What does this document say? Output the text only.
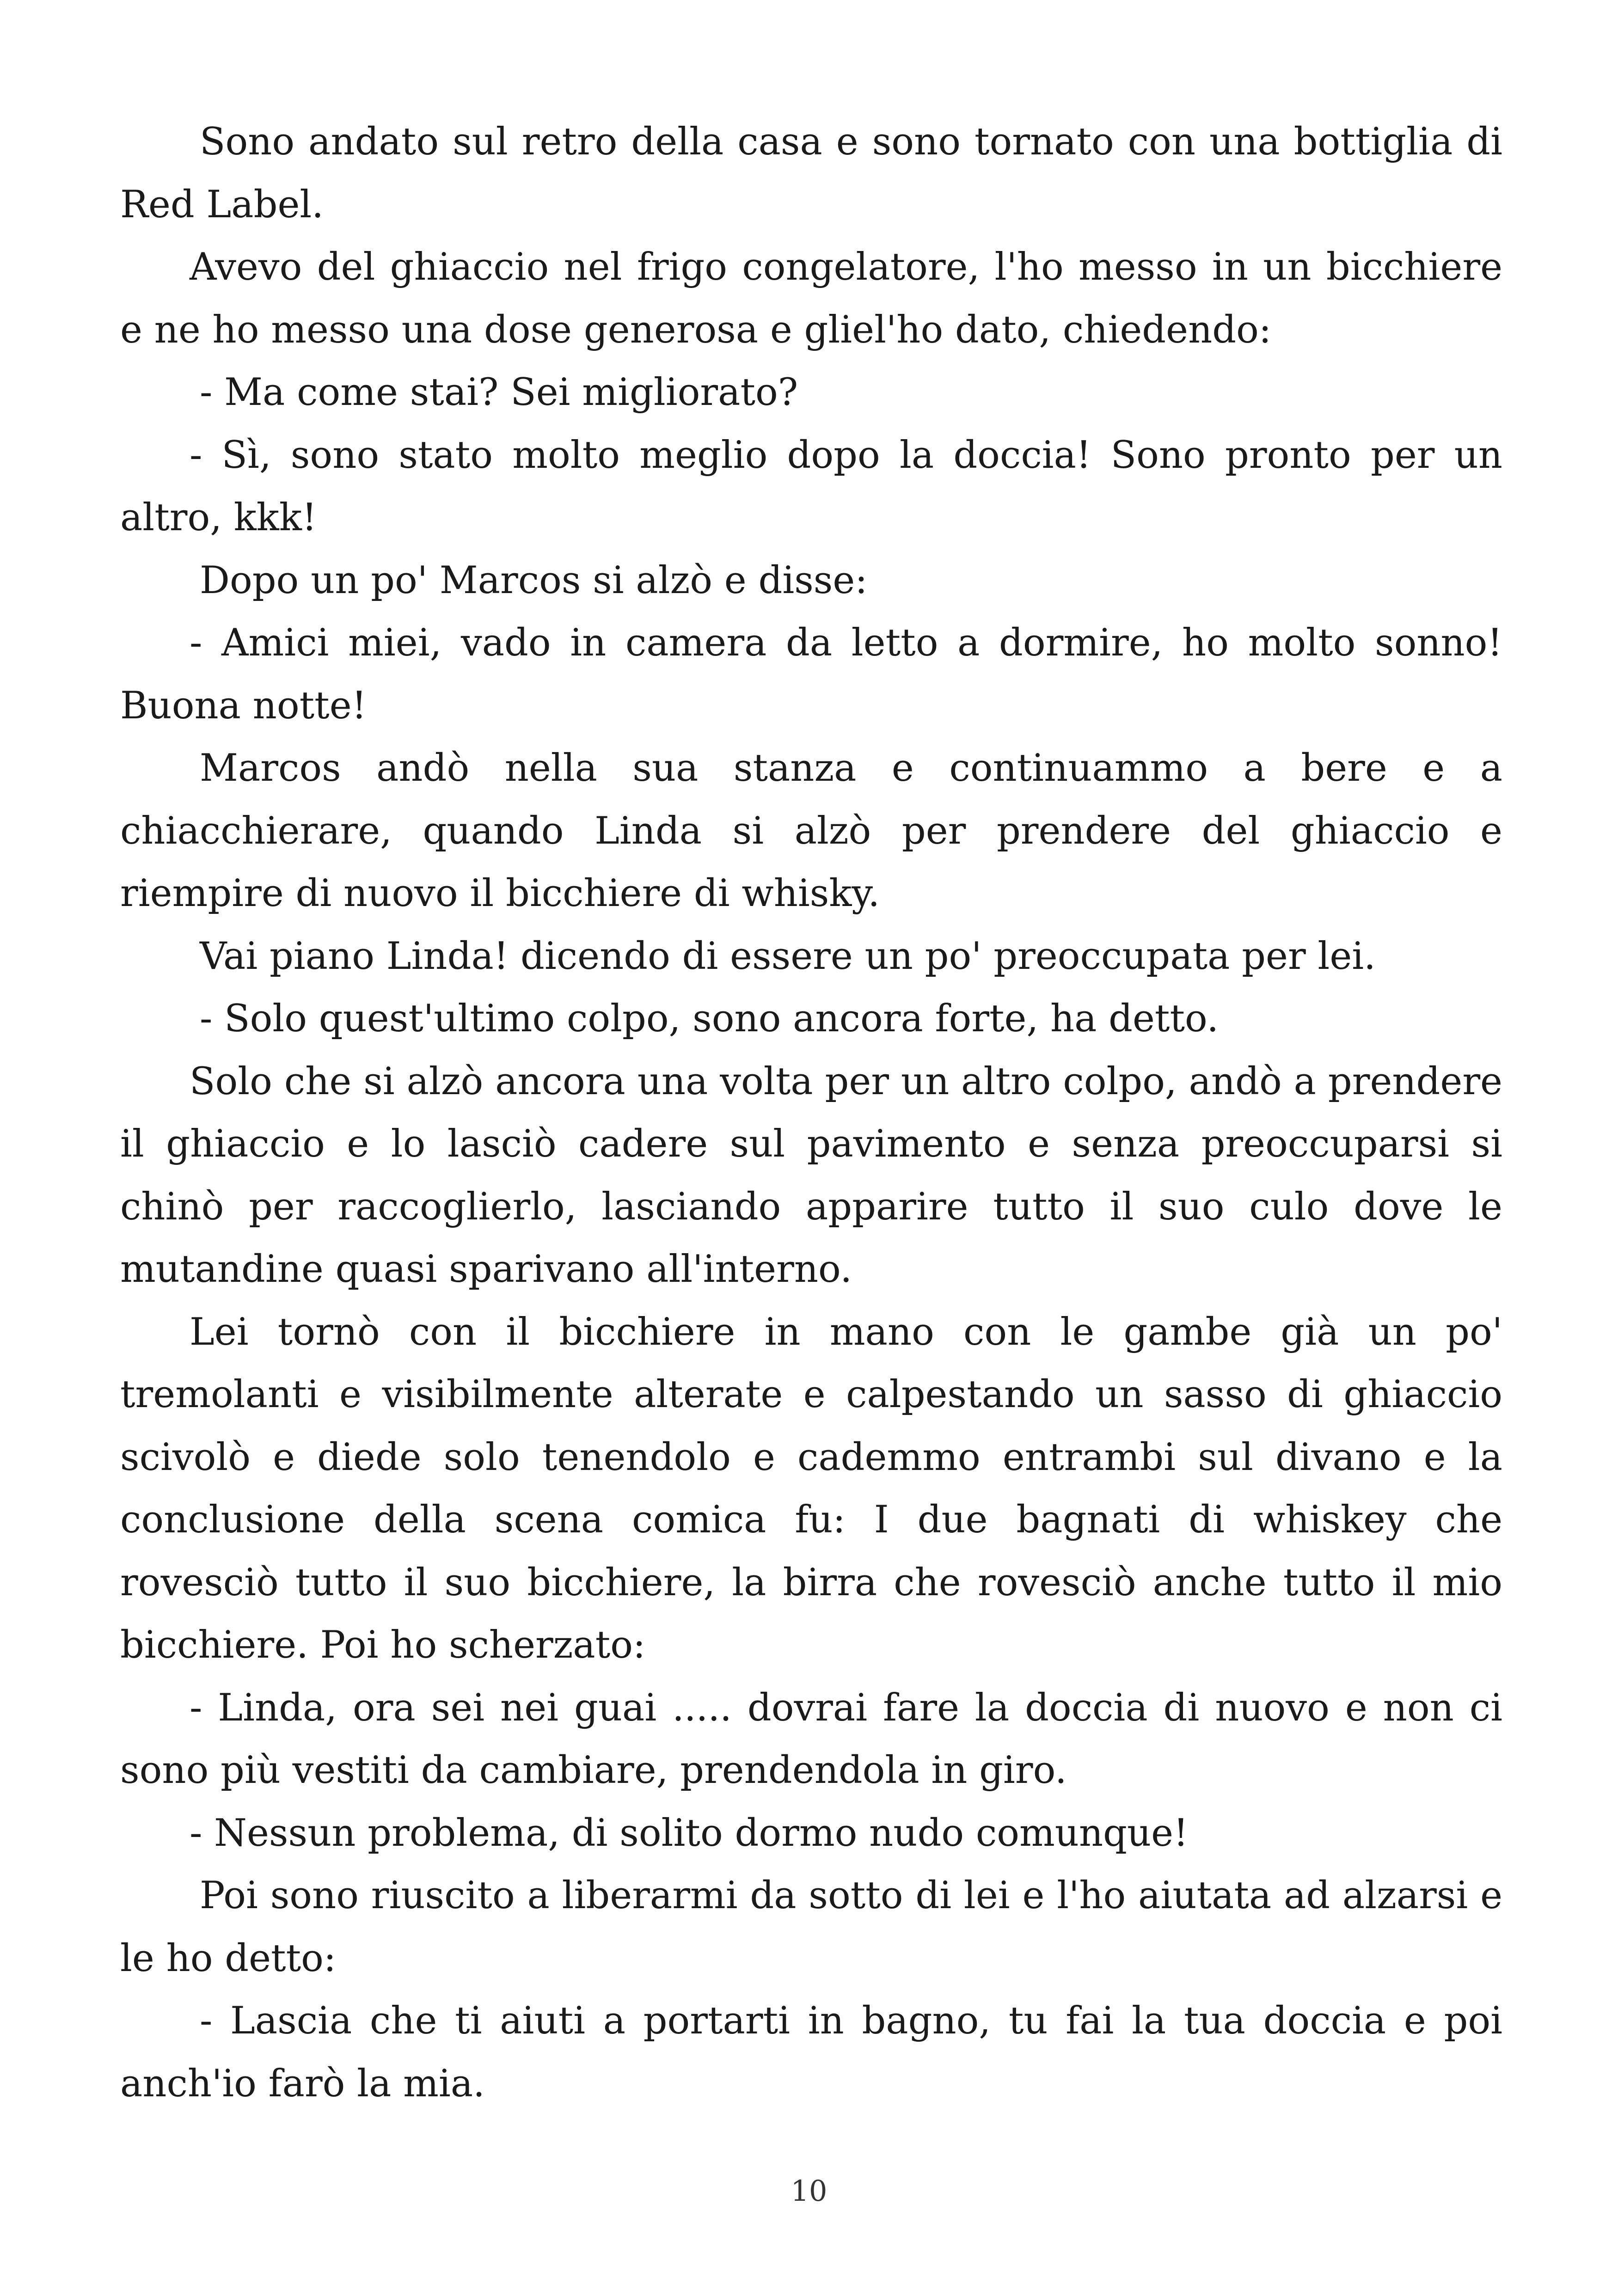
Sono andato sul retro della casa e sono tornato con una bottiglia di Red Label.

Avevo del ghiaccio nel frigo congelatore, l'ho messo in un bicchiere e ne ho messo una dose generosa e gliel'ho dato, chiedendo:

- Ma come stai? Sei migliorato?

- Sì, sono stato molto meglio dopo la doccia! Sono pronto per un altro, kkk!

Dopo un po' Marcos si alzò e disse:

- Amici miei, vado in camera da letto a dormire, ho molto sonno! Buona notte!

Marcos andò nella sua stanza e continuammo a bere e a chiacchierare, quando Linda si alzò per prendere del ghiaccio e riempire di nuovo il bicchiere di whisky.

Vai piano Linda! dicendo di essere un po' preoccupata per lei.

- Solo quest'ultimo colpo, sono ancora forte, ha detto.

Solo che si alzò ancora una volta per un altro colpo, andò a prendere il ghiaccio e lo lasciò cadere sul pavimento e senza preoccuparsi si chinò per raccoglierlo, lasciando apparire tutto il suo culo dove le mutandine quasi sparivano all'interno.

Lei tornò con il bicchiere in mano con le gambe già un po' tremolanti e visibilmente alterate e calpestando un sasso di ghiaccio scivolò e diede solo tenendolo e cademmo entrambi sul divano e la conclusione della scena comica fu: I due bagnati di whiskey che rovesciò tutto il suo bicchiere, la birra che rovesciò anche tutto il mio bicchiere. Poi ho scherzato:

- Linda, ora sei nei guai ..... dovrai fare la doccia di nuovo e non ci sono più vestiti da cambiare, prendendola in giro.

- Nessun problema, di solito dormo nudo comunque!

Poi sono riuscito a liberarmi da sotto di lei e l'ho aiutata ad alzarsi e le ho detto:

- Lascia che ti aiuti a portarti in bagno, tu fai la tua doccia e poi anch'io farò la mia.

10
